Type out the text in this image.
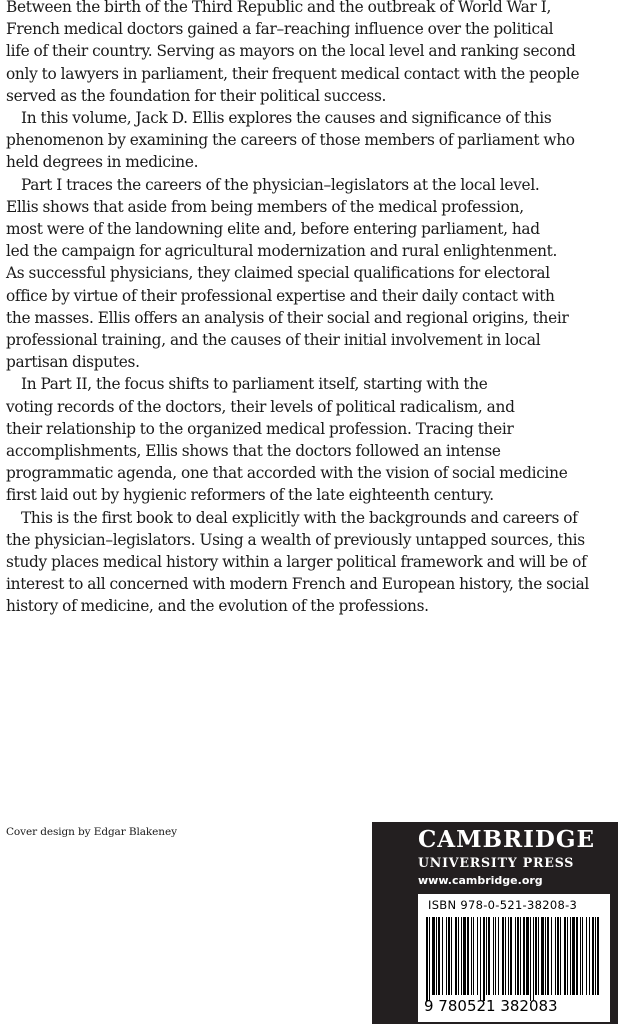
Between the birth of the Third Republic and the outbreak of World War I,
French medical doctors gained a far–reaching influence over the political
life of their country. Serving as mayors on the local level and ranking second
only to lawyers in parliament, their frequent medical contact with the people
served as the foundation for their political success.

In this volume, Jack D. Ellis explores the causes and significance of this
phenomenon by examining the careers of those members of parliament who
held degrees in medicine.

Part I traces the careers of the physician–legislators at the local level.
Ellis shows that aside from being members of the medical profession,
most were of the landowning elite and, before entering parliament, had
led the campaign for agricultural modernization and rural enlightenment.
As successful physicians, they claimed special qualifications for electoral
office by virtue of their professional expertise and their daily contact with
the masses. Ellis offers an analysis of their social and regional origins, their
professional training, and the causes of their initial involvement in local
partisan disputes.

In Part II, the focus shifts to parliament itself, starting with the
voting records of the doctors, their levels of political radicalism, and
their relationship to the organized medical profession. Tracing their
accomplishments, Ellis shows that the doctors followed an intense
programmatic agenda, one that accorded with the vision of social medicine
first laid out by hygienic reformers of the late eighteenth century.

This is the first book to deal explicitly with the backgrounds and careers of
the physician–legislators. Using a wealth of previously untapped sources, this
study places medical history within a larger political framework and will be of
interest to all concerned with modern French and European history, the social
history of medicine, and the evolution of the professions.

Cover design by Edgar Blakeney	CAMBRIDGE
UNIVERSITY PRESS
www.cambridge.org
ISBN 978-0-521-38208-3
9 780521 382083
